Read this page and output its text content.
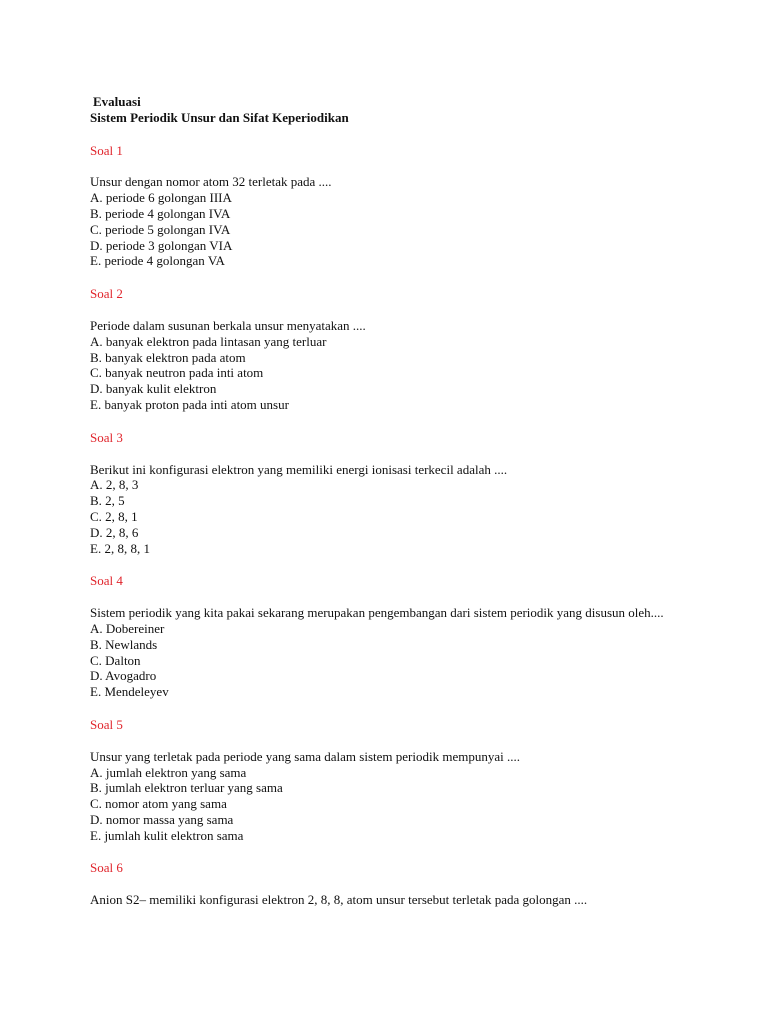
Evaluasi
Sistem Periodik Unsur dan Sifat Keperiodikan
Soal 1
Unsur dengan nomor atom 32 terletak pada ....
A. periode 6 golongan IIIA
B. periode 4 golongan IVA
C. periode 5 golongan IVA
D. periode 3 golongan VIA
E. periode 4 golongan VA
Soal 2
Periode dalam susunan berkala unsur menyatakan ....
A. banyak elektron pada lintasan yang terluar
B. banyak elektron pada atom
C. banyak neutron pada inti atom
D. banyak kulit elektron
E. banyak proton pada inti atom unsur
Soal 3
Berikut ini konfigurasi elektron yang memiliki energi ionisasi terkecil adalah ....
A. 2, 8, 3
B. 2, 5
C. 2, 8, 1
D. 2, 8, 6
E. 2, 8, 8, 1
Soal 4
Sistem periodik yang kita pakai sekarang merupakan pengembangan dari sistem periodik yang disusun oleh....
A. Dobereiner
B. Newlands
C. Dalton
D. Avogadro
E. Mendeleyev
Soal 5
Unsur yang terletak pada periode yang sama dalam sistem periodik mempunyai ....
A. jumlah elektron yang sama
B. jumlah elektron terluar yang sama
C. nomor atom yang sama
D. nomor massa yang sama
E. jumlah kulit elektron sama
Soal 6
Anion S2– memiliki konfigurasi elektron 2, 8, 8, atom unsur tersebut terletak pada golongan ....
